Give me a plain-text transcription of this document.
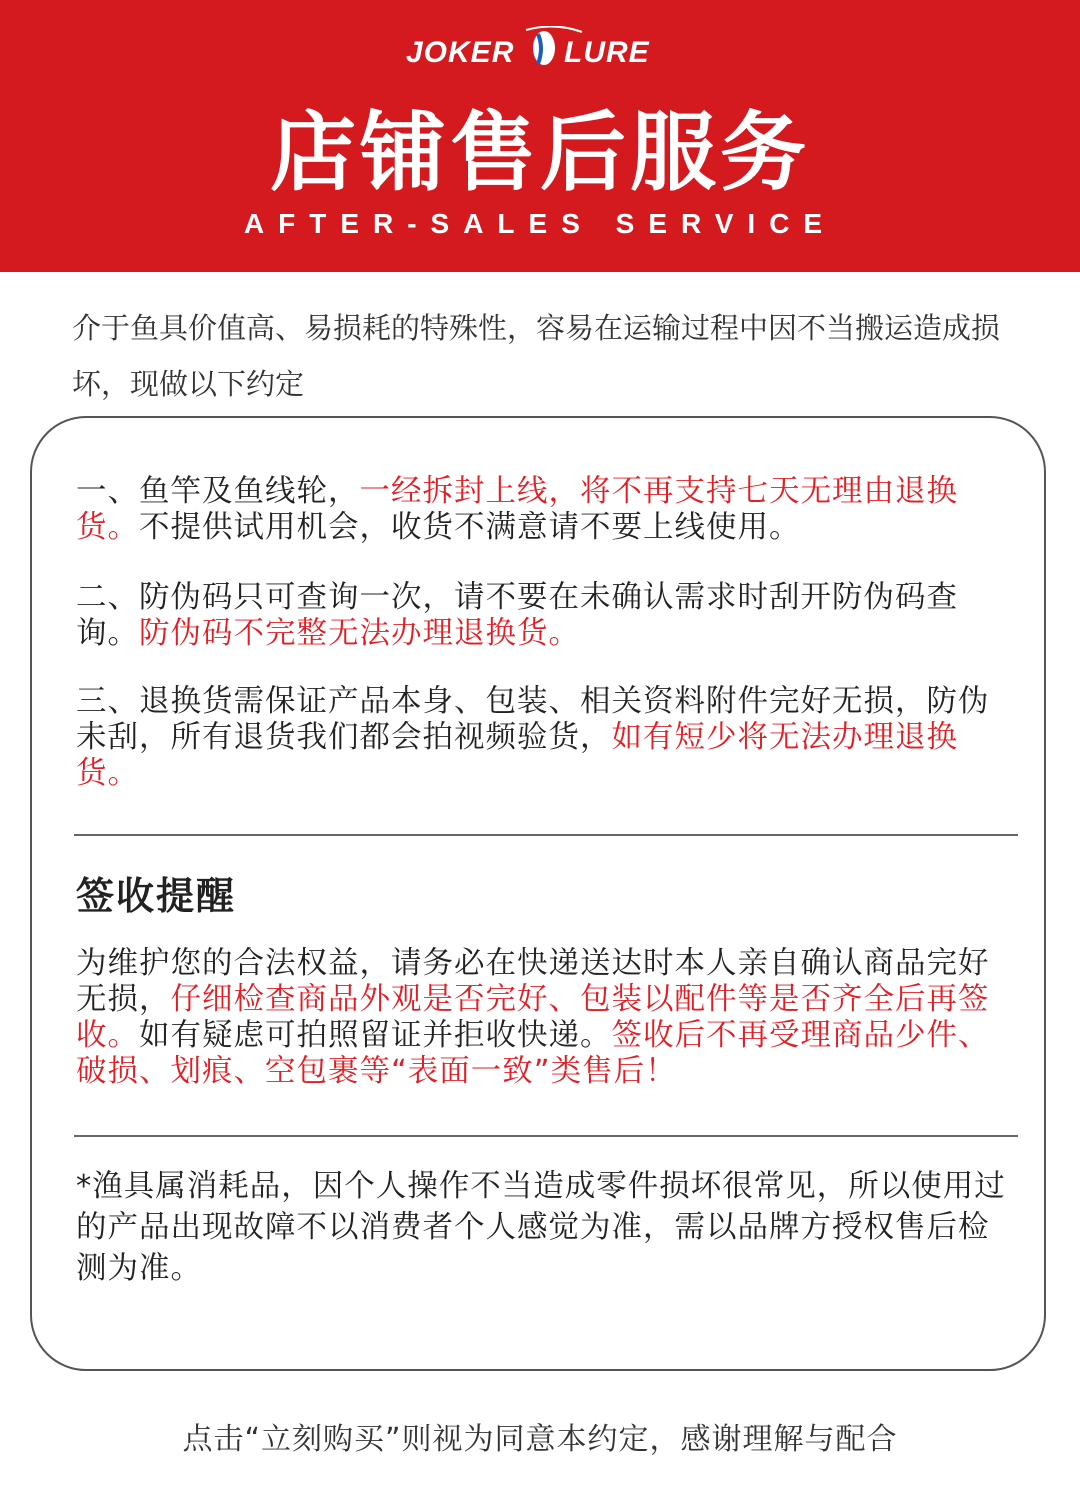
JOKER LURE
店铺售后服务
AFTER-SALES SERVICE
介于鱼具价值高、易损耗的特殊性，容易在运输过程中因不当搬运造成损坏，现做以下约定
一、鱼竿及鱼线轮，一经拆封上线，将不再支持七天无理由退换货。不提供试用机会，收货不满意请不要上线使用。
二、防伪码只可查询一次，请不要在未确认需求时刮开防伪码查询。防伪码不完整无法办理退换货。
三、退换货需保证产品本身、包装、相关资料附件完好无损，防伪未刮，所有退货我们都会拍视频验货，如有短少将无法办理退换货。
签收提醒
为维护您的合法权益，请务必在快递送达时本人亲自确认商品完好无损，仔细检查商品外观是否完好、包装以配件等是否齐全后再签收。如有疑虑可拍照留证并拒收快递。签收后不再受理商品少件、破损、划痕、空包裹等“表面一致”类售后！
*渔具属消耗品，因个人操作不当造成零件损坏很常见，所以使用过的产品出现故障不以消费者个人感觉为准，需以品牌方授权售后检测为准。
点击“立刻购买”则视为同意本约定，感谢理解与配合
